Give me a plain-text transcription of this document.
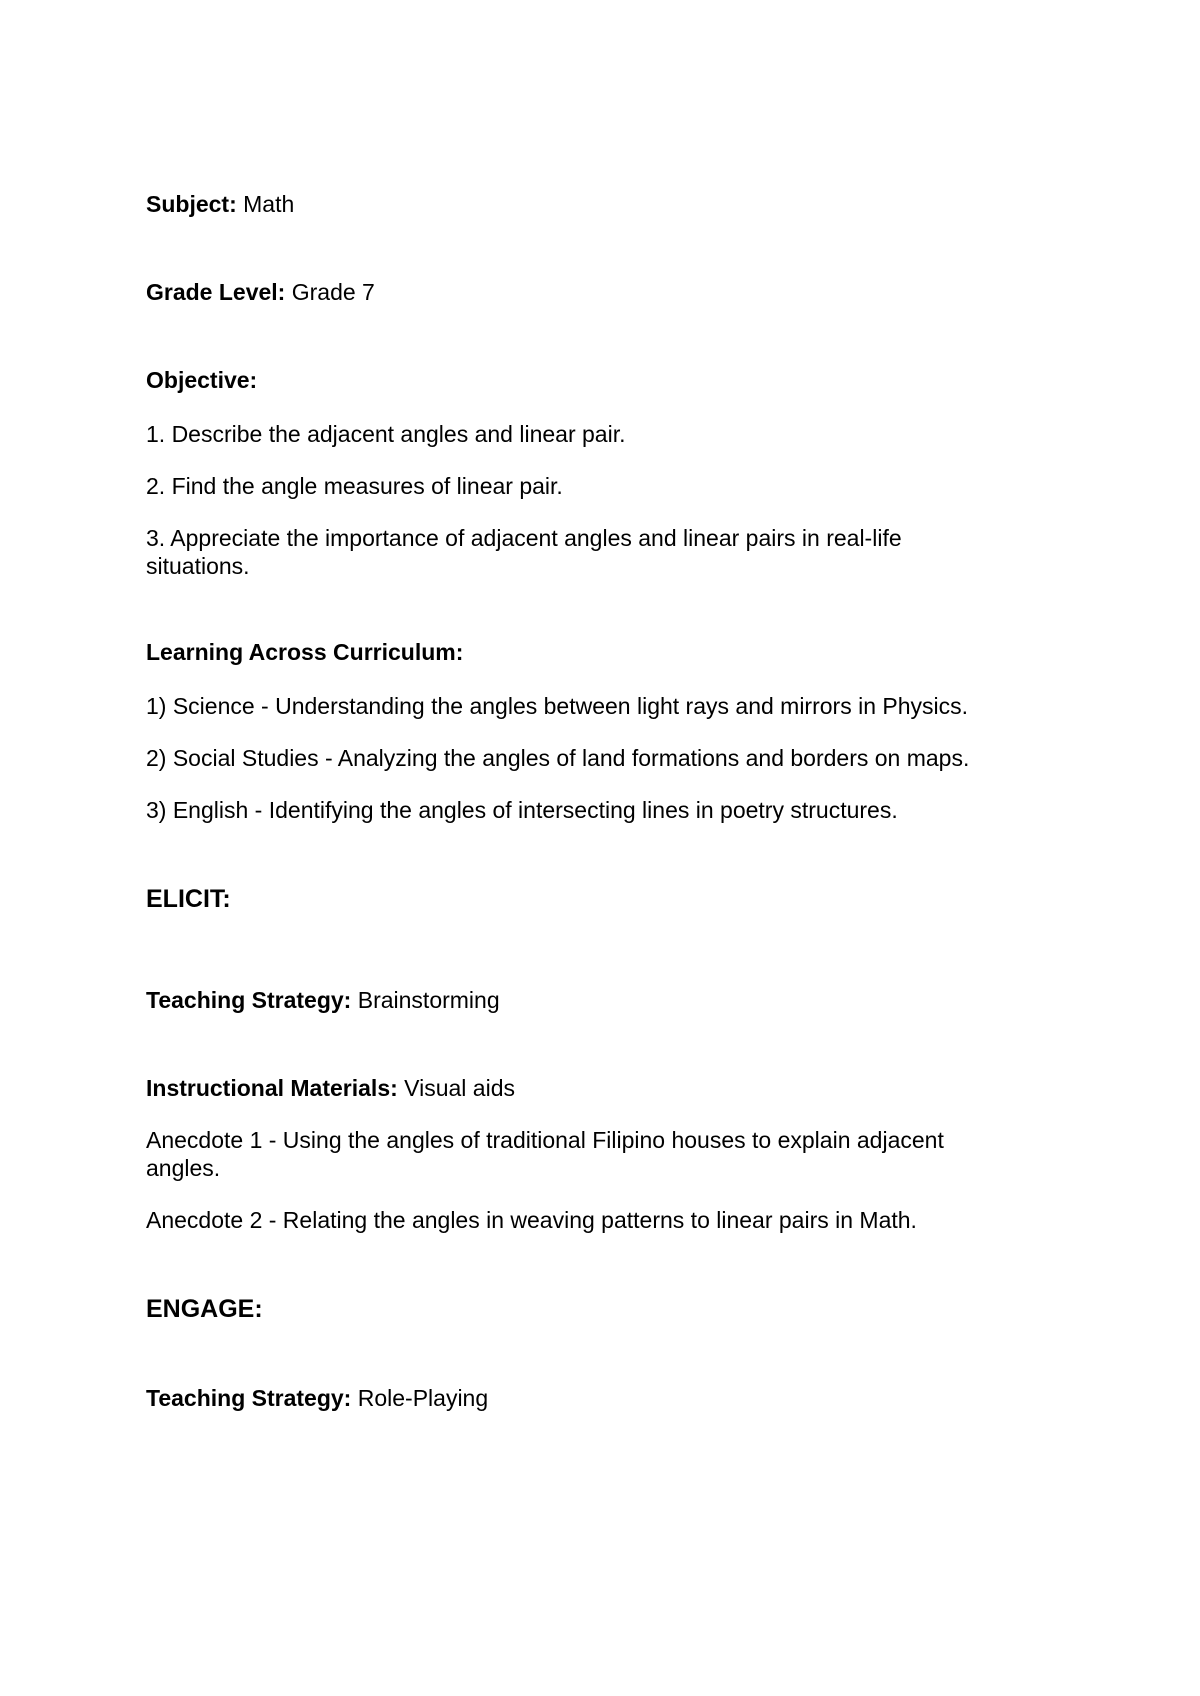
Subject: Math

Grade Level: Grade 7

Objective:

1. Describe the adjacent angles and linear pair.

2. Find the angle measures of linear pair.

3. Appreciate the importance of adjacent angles and linear pairs in real-life situations.

Learning Across Curriculum:

1) Science - Understanding the angles between light rays and mirrors in Physics.

2) Social Studies - Analyzing the angles of land formations and borders on maps.

3) English - Identifying the angles of intersecting lines in poetry structures.

ELICIT:

Teaching Strategy: Brainstorming

Instructional Materials: Visual aids

Anecdote 1 - Using the angles of traditional Filipino houses to explain adjacent angles.

Anecdote 2 - Relating the angles in weaving patterns to linear pairs in Math.

ENGAGE:

Teaching Strategy: Role-Playing
